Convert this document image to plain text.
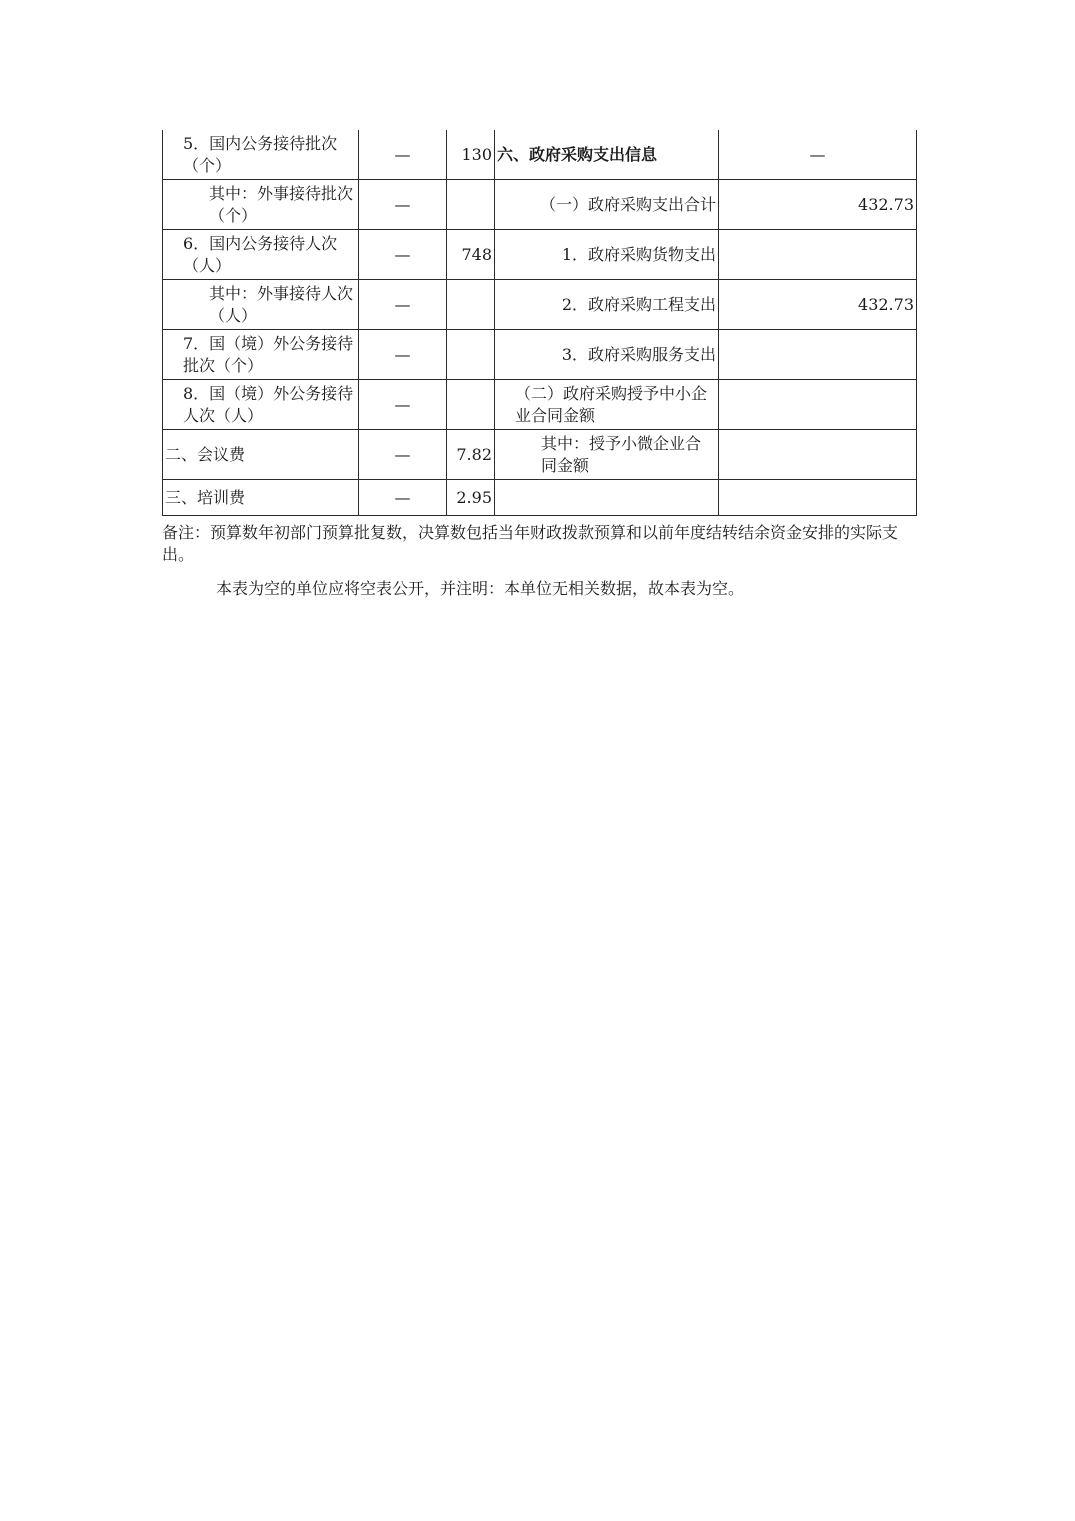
5．国内公务接待批次（个）	—	130	六、政府采购支出信息	—
其中：外事接待批次（个）	—		（一）政府采购支出合计	432.73
6．国内公务接待人次（人）	—	748	1．政府采购货物支出	
其中：外事接待人次（人）	—		2．政府采购工程支出	432.73
7．国（境）外公务接待批次（个）	—		3．政府采购服务支出	
8．国（境）外公务接待人次（人）	—		（二）政府采购授予中小企业合同金额	
二、会议费	—	7.82	其中：授予小微企业合同金额	
三、培训费	—	2.95		

备注：预算数年初部门预算批复数，决算数包括当年财政拨款预算和以前年度结转结余资金安排的实际支出。

本表为空的单位应将空表公开，并注明：本单位无相关数据，故本表为空。
